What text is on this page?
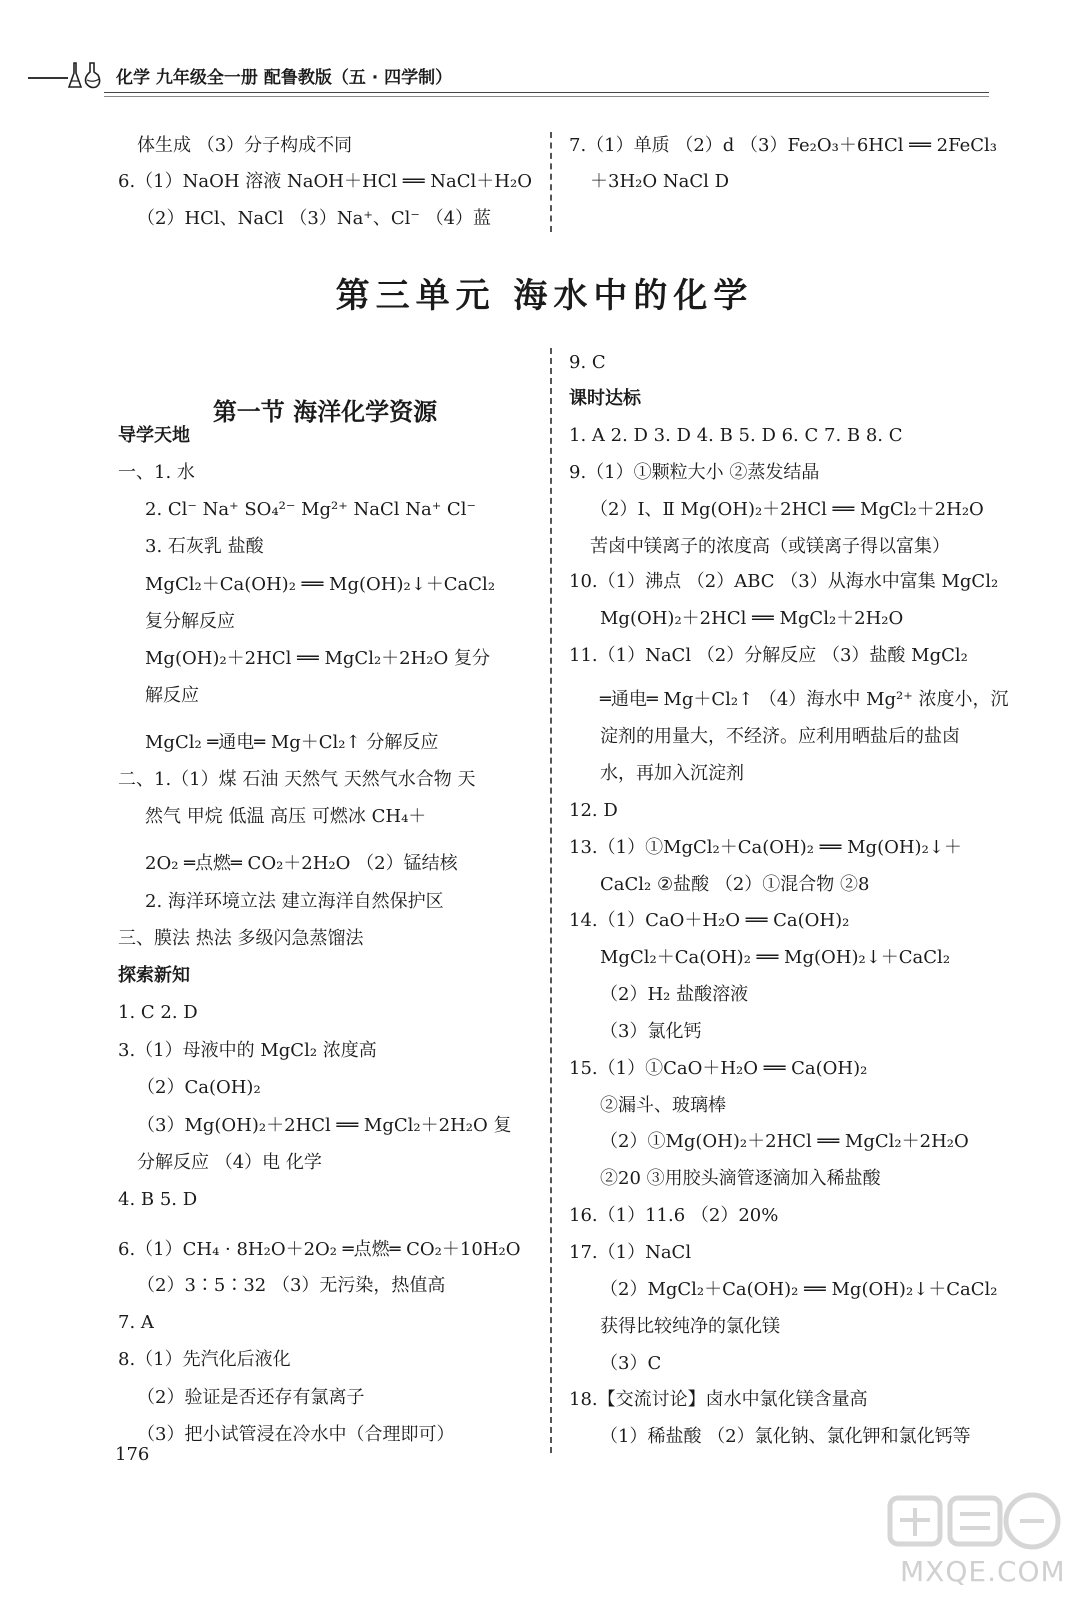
化学 九年级全一册 配鲁教版（五 · 四学制）
体生成 （3）分子构成不同
6.（1）NaOH 溶液 NaOH＋HCl ══ NaCl＋H₂O
（2）HCl、NaCl （3）Na⁺、Cl⁻ （4）蓝
7.（1）单质 （2）d （3）Fe₂O₃＋6HCl ══ 2FeCl₃
＋3H₂O NaCl D
第三单元 海水中的化学
第一节 海洋化学资源
导学天地
一、1. 水
2. Cl⁻ Na⁺ SO₄²⁻ Mg²⁺ NaCl Na⁺ Cl⁻
3. 石灰乳 盐酸
MgCl₂＋Ca(OH)₂ ══ Mg(OH)₂↓＋CaCl₂
复分解反应
Mg(OH)₂＋2HCl ══ MgCl₂＋2H₂O 复分
解反应
MgCl₂ ═通电═ Mg＋Cl₂↑ 分解反应
二、1.（1）煤 石油 天然气 天然气水合物 天
然气 甲烷 低温 高压 可燃冰 CH₄＋
2O₂ ═点燃═ CO₂＋2H₂O （2）锰结核
2. 海洋环境立法 建立海洋自然保护区
三、膜法 热法 多级闪急蒸馏法
探索新知
1. C 2. D
3.（1）母液中的 MgCl₂ 浓度高
（2）Ca(OH)₂
（3）Mg(OH)₂＋2HCl ══ MgCl₂＋2H₂O 复
分解反应 （4）电 化学
4. B 5. D
6.（1）CH₄ · 8H₂O＋2O₂ ═点燃═ CO₂＋10H₂O
（2）3∶5∶32 （3）无污染，热值高
7. A
8.（1）先汽化后液化
（2）验证是否还存有氯离子
（3）把小试管浸在冷水中（合理即可）
9. C
课时达标
1. A 2. D 3. D 4. B 5. D 6. C 7. B 8. C
9.（1）①颗粒大小 ②蒸发结晶
（2）Ⅰ、Ⅱ Mg(OH)₂＋2HCl ══ MgCl₂＋2H₂O
苦卤中镁离子的浓度高（或镁离子得以富集）
10.（1）沸点 （2）ABC （3）从海水中富集 MgCl₂
Mg(OH)₂＋2HCl ══ MgCl₂＋2H₂O
11.（1）NaCl （2）分解反应 （3）盐酸 MgCl₂
═通电═ Mg＋Cl₂↑ （4）海水中 Mg²⁺ 浓度小，沉
淀剂的用量大，不经济。应利用晒盐后的盐卤
水，再加入沉淀剂
12. D
13.（1）①MgCl₂＋Ca(OH)₂ ══ Mg(OH)₂↓＋
CaCl₂ ②盐酸 （2）①混合物 ②8
14.（1）CaO＋H₂O ══ Ca(OH)₂
MgCl₂＋Ca(OH)₂ ══ Mg(OH)₂↓＋CaCl₂
（2）H₂ 盐酸溶液
（3）氯化钙
15.（1）①CaO＋H₂O ══ Ca(OH)₂
②漏斗、玻璃棒
（2）①Mg(OH)₂＋2HCl ══ MgCl₂＋2H₂O
②20 ③用胶头滴管逐滴加入稀盐酸
16.（1）11.6 （2）20%
17.（1）NaCl
（2）MgCl₂＋Ca(OH)₂ ══ Mg(OH)₂↓＋CaCl₂
获得比较纯净的氯化镁
（3）C
18.【交流讨论】卤水中氯化镁含量高
（1）稀盐酸 （2）氯化钠、氯化钾和氯化钙等
176
MXQE.COM
